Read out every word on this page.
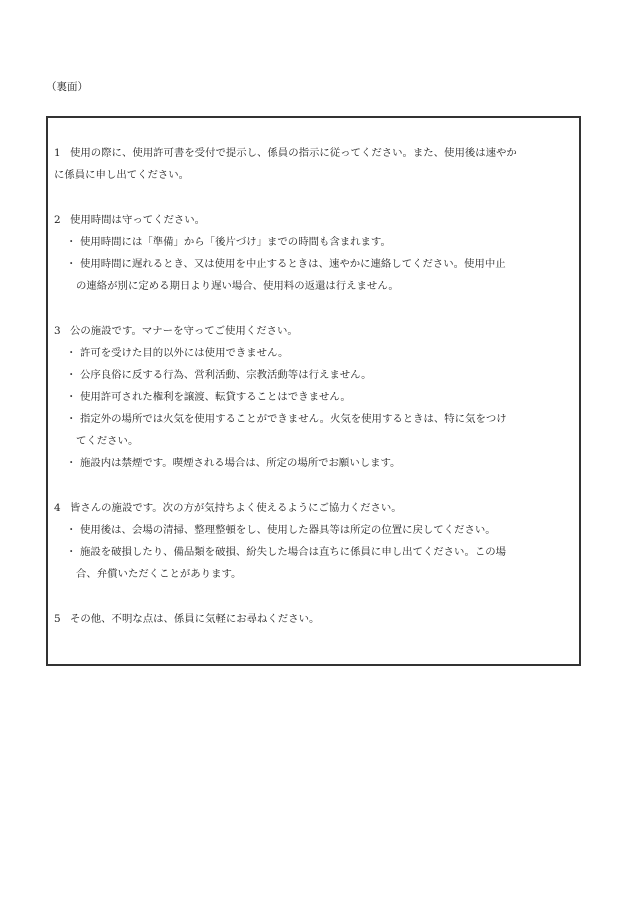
（裏面）
1 使用の際に、使用許可書を受付で提示し、係員の指示に従ってください。また、使用後は速やか
に係員に申し出てください。
2 使用時間は守ってください。
・ 使用時間には「準備」から「後片づけ」までの時間も含まれます。
・ 使用時間に遅れるとき、又は使用を中止するときは、速やかに連絡してください。使用中止
の連絡が別に定める期日より遅い場合、使用料の返還は行えません。
3 公の施設です。マナーを守ってご使用ください。
・ 許可を受けた目的以外には使用できません。
・ 公序良俗に反する行為、営利活動、宗教活動等は行えません。
・ 使用許可された権利を譲渡、転貸することはできません。
・ 指定外の場所では火気を使用することができません。火気を使用するときは、特に気をつけ
てください。
・ 施設内は禁煙です。喫煙される場合は、所定の場所でお願いします。
4 皆さんの施設です。次の方が気持ちよく使えるようにご協力ください。
・ 使用後は、会場の清掃、整理整頓をし、使用した器具等は所定の位置に戻してください。
・ 施設を破損したり、備品類を破損、紛失した場合は直ちに係員に申し出てください。この場
合、弁償いただくことがあります。
5 その他、不明な点は、係員に気軽にお尋ねください。
